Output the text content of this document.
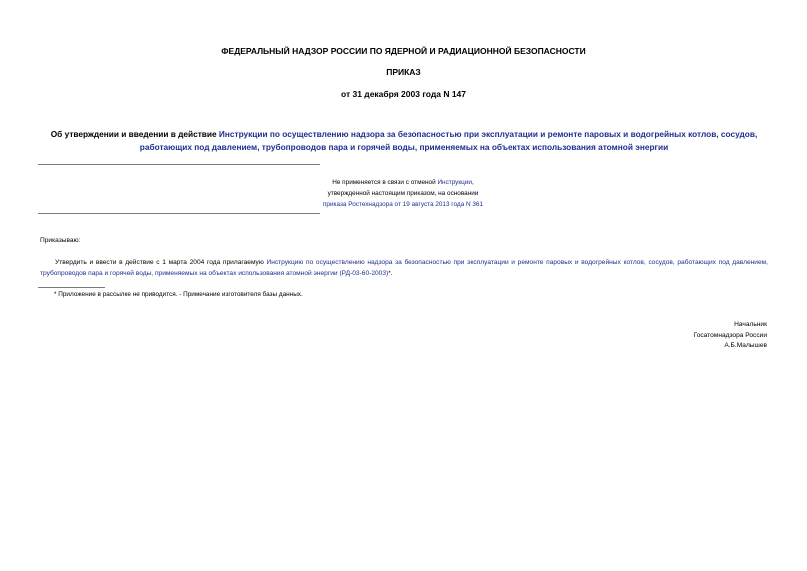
ФЕДЕРАЛЬНЫЙ НАДЗОР РОССИИ ПО ЯДЕРНОЙ И РАДИАЦИОННОЙ БЕЗОПАСНОСТИ
ПРИКАЗ
от 31 декабря 2003 года N 147
Об утверждении и введении в действие Инструкции по осуществлению надзора за безопасностью при эксплуатации и ремонте паровых и водогрейных котлов, сосудов, работающих под давлением, трубопроводов пара и горячей воды, применяемых на объектах использования атомной энергии
Не применяется в связи с отменой Инструкции,
утвержденной настоящим приказом, на основании
приказа Ростехнадзора от 19 августа 2013 года N 361
Приказываю:
Утвердить и ввести в действие с 1 марта 2004 года прилагаемую Инструкцию по осуществлению надзора за безопасностью при эксплуатации и ремонте паровых и водогрейных котлов, сосудов, работающих под давлением, трубопроводов пара и горячей воды, применяемых на объектах использования атомной энергии (РД-03-60-2003)*.
* Приложение в рассылке не приводится. - Примечание изготовителя базы данных.
Начальник
Госатомнадзора России
А.Б.Малышев
